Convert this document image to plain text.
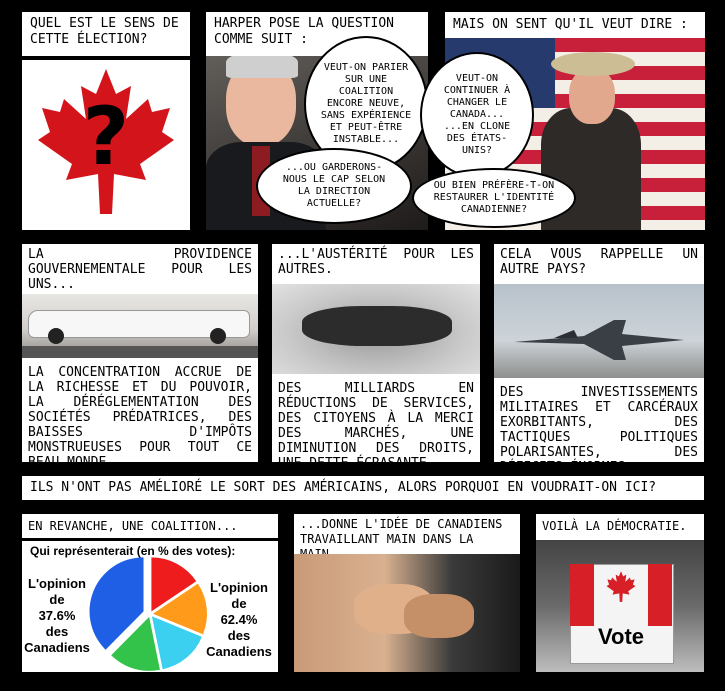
QUEL EST LE SENS DE CETTE ÉLECTION?
?
HARPER POSE LA QUESTION COMME SUIT :
MAIS ON SENT QU'IL VEUT DIRE :
VEUT-ON PARIER SUR UNE COALITION ENCORE NEUVE, SANS EXPÉRIENCE ET PEUT-ÊTRE INSTABLE...
...OU GARDERONS-NOUS LE CAP SELON LA DIRECTION ACTUELLE?
VEUT-ON CONTINUER À CHANGER LE CANADA... ...EN CLONE DES ÉTATS-UNIS?
OU BIEN PRÉFÈRE-T-ON RESTAURER L'IDENTITÉ CANADIENNE?
LA PROVIDENCE GOUVERNEMENTALE POUR LES UNS...
LA CONCENTRATION ACCRUE DE LA RICHESSE ET DU POUVOIR, LA DÉRÉGLEMENTATION DES SOCIÉTÉS PRÉDATRICES, DES BAISSES D'IMPÔTS MONSTRUEUSES POUR TOUT CE BEAU MONDE.
...L'AUSTÉRITÉ POUR LES AUTRES.
DES MILLIARDS EN RÉDUCTIONS DE SERVICES, DES CITOYENS À LA MERCI DES MARCHÉS, UNE DIMINUTION DES DROITS, UNE DETTE ÉCRASANTE.
CELA VOUS RAPPELLE UN AUTRE PAYS?
DES INVESTISSEMENTS MILITAIRES ET CARCÉRAUX EXORBITANTS, DES TACTIQUES POLITIQUES POLARISANTES, DES DÉFICITS ÉNORMES.
ILS N'ONT PAS AMÉLIORÉ LE SORT DES AMÉRICAINS, ALORS PORQUOI EN VOUDRAIT-ON ICI?
EN REVANCHE, UNE COALITION...
Qui représenterait (en % des votes):
L'opinion
de
37.6%
des
Canadiens
L'opinion
de
62.4%
des
Canadiens
...DONNE L'IDÉE DE CANADIENS TRAVAILLANT MAIN DANS LA
VOILÀ LA DÉMOCRATIE.
Vote
